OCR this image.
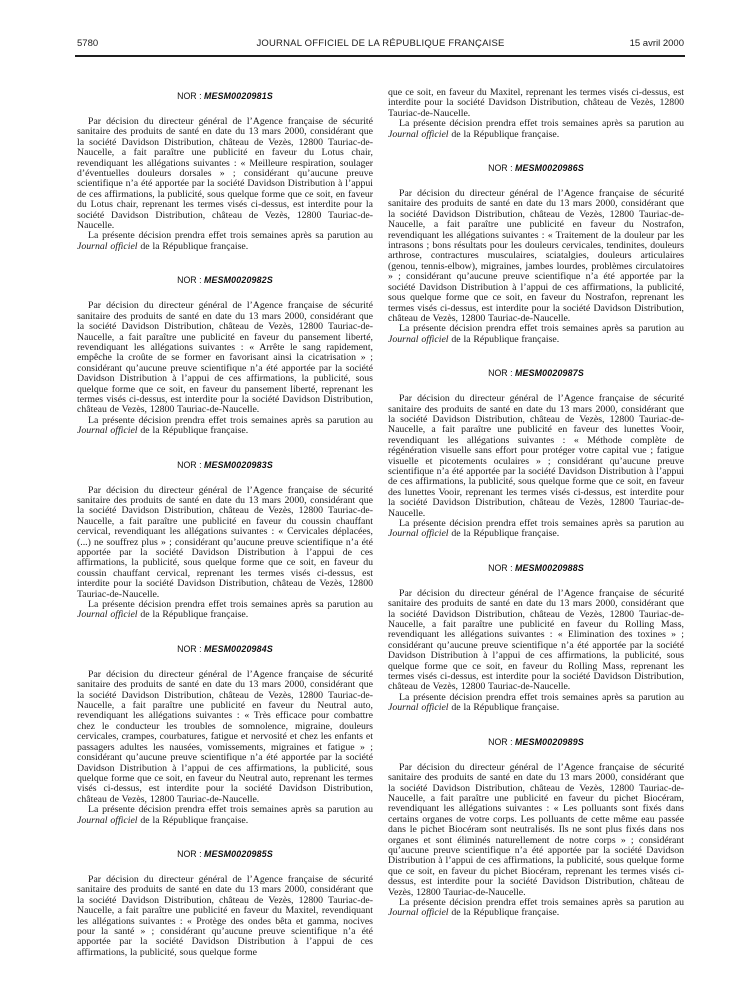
5780	JOURNAL OFFICIEL DE LA RÉPUBLIQUE FRANÇAISE	15 avril 2000
NOR : MESM0020981S

Par décision du directeur général de l’Agence française de sécurité sanitaire des produits de santé en date du 13 mars 2000, considérant que la société Davidson Distribution, château de Vezès, 12800 Tauriac-de-Naucelle, a fait paraître une publicité en faveur du Lotus chair, revendiquant les allégations suivantes : « Meilleure respiration, soulager d’éventuelles douleurs dorsales » ; considérant qu’aucune preuve scientifique n’a été apportée par la société Davidson Distribution à l’appui de ces affirmations, la publicité, sous quelque forme que ce soit, en faveur du Lotus chair, reprenant les termes visés ci-dessus, est interdite pour la société Davidson Distribution, château de Vezès, 12800 Tauriac-de-Naucelle.

La présente décision prendra effet trois semaines après sa parution au Journal officiel de la République française.

NOR : MESM0020982S

Par décision du directeur général de l’Agence française de sécurité sanitaire des produits de santé en date du 13 mars 2000, considérant que la société Davidson Distribution, château de Vezès, 12800 Tauriac-de-Naucelle, a fait paraître une publicité en faveur du pansement liberté, revendiquant les allégations suivantes : « Arrête le sang rapidement, empêche la croûte de se former en favorisant ainsi la cicatrisation » ; considérant qu’aucune preuve scientifique n’a été apportée par la société Davidson Distribution à l’appui de ces affirmations, la publicité, sous quelque forme que ce soit, en faveur du pansement liberté, reprenant les termes visés ci-dessus, est interdite pour la société Davidson Distribution, château de Vezès, 12800 Tauriac-de-Naucelle.

La présente décision prendra effet trois semaines après sa parution au Journal officiel de la République française.

NOR : MESM0020983S

Par décision du directeur général de l’Agence française de sécurité sanitaire des produits de santé en date du 13 mars 2000, considérant que la société Davidson Distribution, château de Vezès, 12800 Tauriac-de-Naucelle, a fait paraître une publicité en faveur du coussin chauffant cervical, revendiquant les allégations suivantes : « Cervicales déplacées, (...) ne souffrez plus » ; considérant qu’aucune preuve scientifique n’a été apportée par la société Davidson Distribution à l’appui de ces affirmations, la publicité, sous quelque forme que ce soit, en faveur du coussin chauffant cervical, reprenant les termes visés ci-dessus, est interdite pour la société Davidson Distribution, château de Vezès, 12800 Tauriac-de-Naucelle.

La présente décision prendra effet trois semaines après sa parution au Journal officiel de la République française.

NOR : MESM0020984S

Par décision du directeur général de l’Agence française de sécurité sanitaire des produits de santé en date du 13 mars 2000, considérant que la société Davidson Distribution, château de Vezès, 12800 Tauriac-de-Naucelle, a fait paraître une publicité en faveur du Neutral auto, revendiquant les allégations suivantes : « Très efficace pour combattre chez le conducteur les troubles de somnolence, migraine, douleurs cervicales, crampes, courbatures, fatigue et nervosité et chez les enfants et passagers adultes les nausées, vomissements, migraines et fatigue » ; considérant qu’aucune preuve scientifique n’a été apportée par la société Davidson Distribution à l’appui de ces affirmations, la publicité, sous quelque forme que ce soit, en faveur du Neutral auto, reprenant les termes visés ci-dessus, est interdite pour la société Davidson Distribution, château de Vezès, 12800 Tauriac-de-Naucelle.

La présente décision prendra effet trois semaines après sa parution au Journal officiel de la République française.

NOR : MESM0020985S

Par décision du directeur général de l’Agence française de sécurité sanitaire des produits de santé en date du 13 mars 2000, considérant que la société Davidson Distribution, château de Vezès, 12800 Tauriac-de-Naucelle, a fait paraître une publicité en faveur du Maxitel, revendiquant les allégations suivantes : « Protège des ondes bêta et gamma, nocives pour la santé » ; considérant qu’aucune preuve scientifique n’a été apportée par la société Davidson Distribution à l’appui de ces affirmations, la publicité, sous quelque forme

que ce soit, en faveur du Maxitel, reprenant les termes visés ci-dessus, est interdite pour la société Davidson Distribution, château de Vezès, 12800 Tauriac-de-Naucelle.

La présente décision prendra effet trois semaines après sa parution au Journal officiel de la République française.

NOR : MESM0020986S

Par décision du directeur général de l’Agence française de sécurité sanitaire des produits de santé en date du 13 mars 2000, considérant que la société Davidson Distribution, château de Vezès, 12800 Tauriac-de-Naucelle, a fait paraître une publicité en faveur du Nostrafon, revendiquant les allégations suivantes : « Traitement de la douleur par les intrasons ; bons résultats pour les douleurs cervicales, tendinites, douleurs arthrose, contractures musculaires, sciatalgies, douleurs articulaires (genou, tennis-elbow), migraines, jambes lourdes, problèmes circulatoires » ; considérant qu’aucune preuve scientifique n’a été apportée par la société Davidson Distribution à l’appui de ces affirmations, la publicité, sous quelque forme que ce soit, en faveur du Nostrafon, reprenant les termes visés ci-dessus, est interdite pour la société Davidson Distribution, château de Vezès, 12800 Tauriac-de-Naucelle.

La présente décision prendra effet trois semaines après sa parution au Journal officiel de la République française.

NOR : MESM0020987S

Par décision du directeur général de l’Agence française de sécurité sanitaire des produits de santé en date du 13 mars 2000, considérant que la société Davidson Distribution, château de Vezès, 12800 Tauriac-de-Naucelle, a fait paraître une publicité en faveur des lunettes Vooir, revendiquant les allégations suivantes : « Méthode complète de régénération visuelle sans effort pour protéger votre capital vue ; fatigue visuelle et picotements oculaires » ; considérant qu’aucune preuve scientifique n’a été apportée par la société Davidson Distribution à l’appui de ces affirmations, la publicité, sous quelque forme que ce soit, en faveur des lunettes Vooir, reprenant les termes visés ci-dessus, est interdite pour la société Davidson Distribution, château de Vezès, 12800 Tauriac-de-Naucelle.

La présente décision prendra effet trois semaines après sa parution au Journal officiel de la République française.

NOR : MESM0020988S

Par décision du directeur général de l’Agence française de sécurité sanitaire des produits de santé en date du 13 mars 2000, considérant que la société Davidson Distribution, château de Vezès, 12800 Tauriac-de-Naucelle, a fait paraître une publicité en faveur du Rolling Mass, revendiquant les allégations suivantes : « Elimination des toxines » ; considérant qu’aucune preuve scientifique n’a été apportée par la société Davidson Distribution à l’appui de ces affirmations, la publicité, sous quelque forme que ce soit, en faveur du Rolling Mass, reprenant les termes visés ci-dessus, est interdite pour la société Davidson Distribution, château de Vezès, 12800 Tauriac-de-Naucelle.

La présente décision prendra effet trois semaines après sa parution au Journal officiel de la République française.

NOR : MESM0020989S

Par décision du directeur général de l’Agence française de sécurité sanitaire des produits de santé en date du 13 mars 2000, considérant que la société Davidson Distribution, château de Vezès, 12800 Tauriac-de-Naucelle, a fait paraître une publicité en faveur du pichet Biocéram, revendiquant les allégations suivantes : « Les polluants sont fixés dans certains organes de votre corps. Les polluants de cette même eau passée dans le pichet Biocéram sont neutralisés. Ils ne sont plus fixés dans nos organes et sont éliminés naturellement de notre corps » ; considérant qu’aucune preuve scientifique n’a été apportée par la société Davidson Distribution à l’appui de ces affirmations, la publicité, sous quelque forme que ce soit, en faveur du pichet Biocéram, reprenant les termes visés ci-dessus, est interdite pour la société Davidson Distribution, château de Vezès, 12800 Tauriac-de-Naucelle.

La présente décision prendra effet trois semaines après sa parution au Journal officiel de la République française.
